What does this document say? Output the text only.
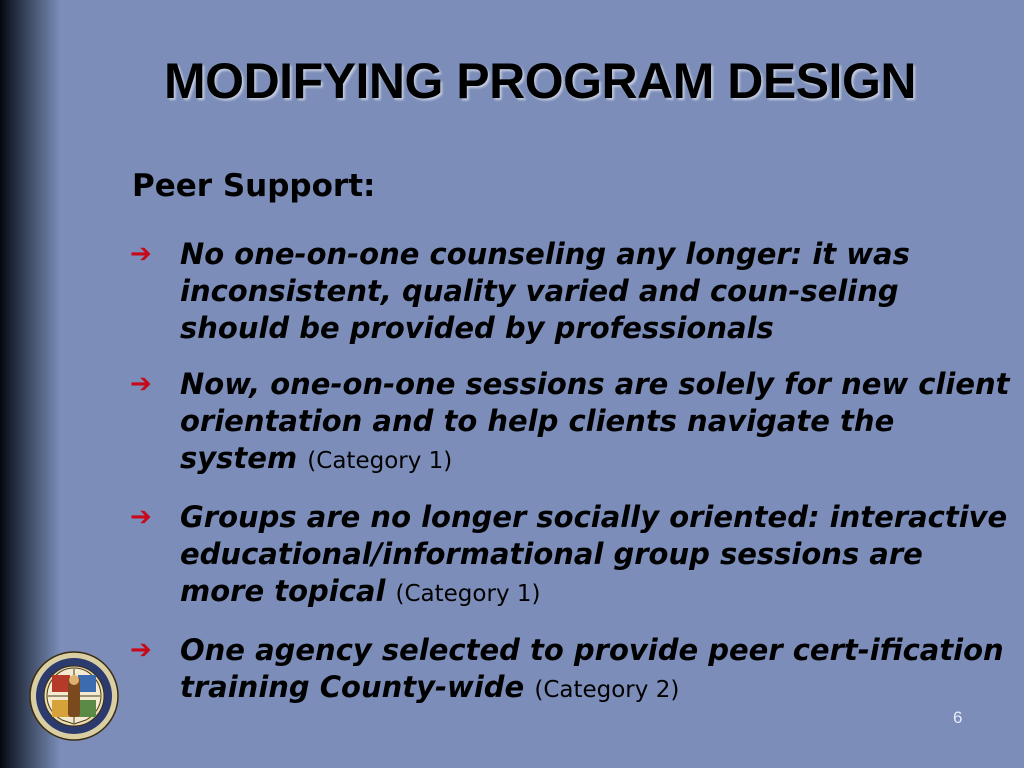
MODIFYING PROGRAM DESIGN

Peer Support:

➔ No one-on-one counseling any longer: it was inconsistent, quality varied and coun-seling should be provided by professionals
➔ Now, one-on-one sessions are solely for new client orientation and to help clients navigate the system (Category 1)
➔ Groups are no longer socially oriented: interactive educational/informational group sessions are more topical (Category 1)
➔ One agency selected to provide peer cert-ification training County-wide (Category 2)
6
